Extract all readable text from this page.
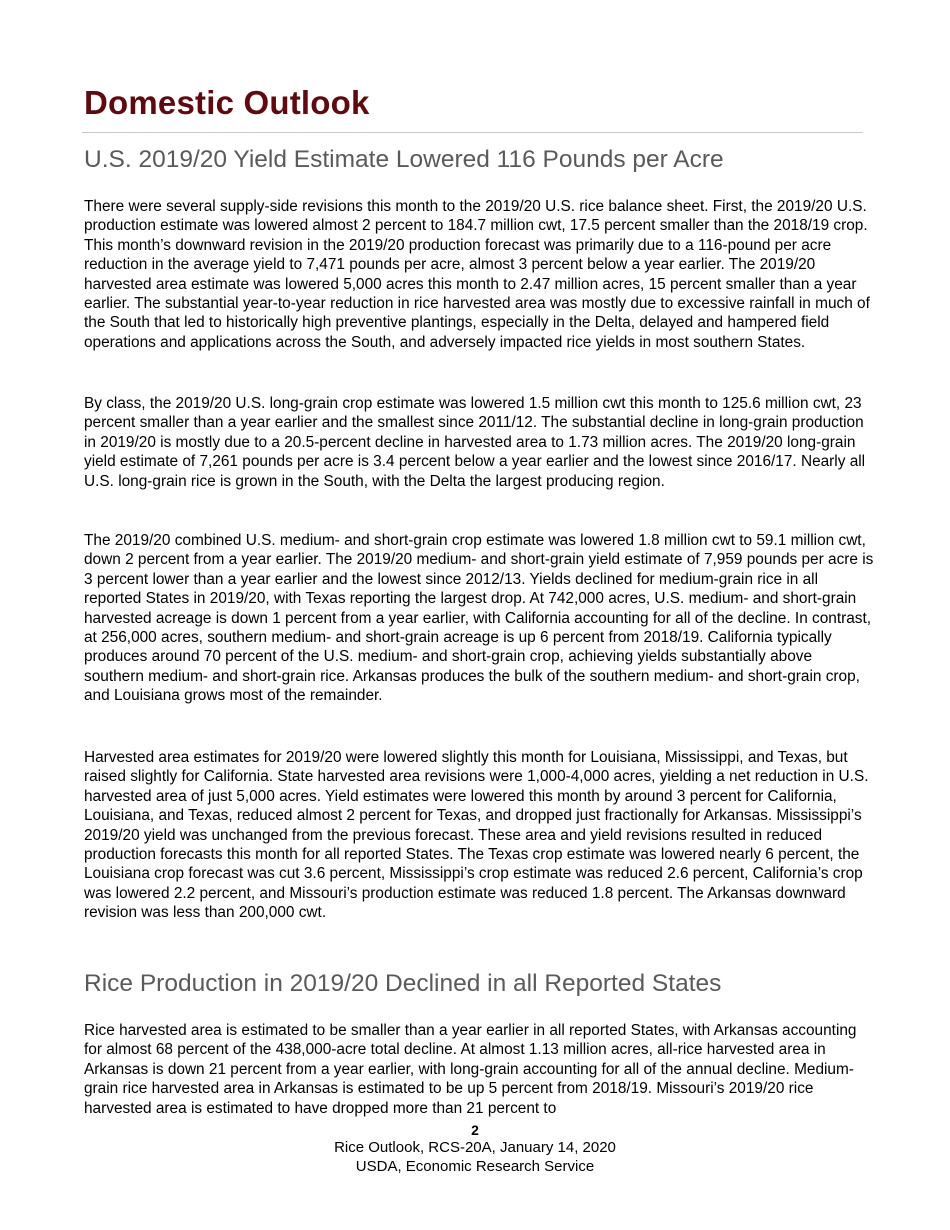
Domestic Outlook
U.S. 2019/20 Yield Estimate Lowered 116 Pounds per Acre

There were several supply-side revisions this month to the 2019/20 U.S. rice balance sheet. First, the 2019/20 U.S. production estimate was lowered almost 2 percent to 184.7 million cwt, 17.5 percent smaller than the 2018/19 crop. This month’s downward revision in the 2019/20 production forecast was primarily due to a 116-pound per acre reduction in the average yield to 7,471 pounds per acre, almost 3 percent below a year earlier. The 2019/20 harvested area estimate was lowered 5,000 acres this month to 2.47 million acres, 15 percent smaller than a year earlier. The substantial year-to-year reduction in rice harvested area was mostly due to excessive rainfall in much of the South that led to historically high preventive plantings, especially in the Delta, delayed and hampered field operations and applications across the South, and adversely impacted rice yields in most southern States.

By class, the 2019/20 U.S. long-grain crop estimate was lowered 1.5 million cwt this month to 125.6 million cwt, 23 percent smaller than a year earlier and the smallest since 2011/12. The substantial decline in long-grain production in 2019/20 is mostly due to a 20.5-percent decline in harvested area to 1.73 million acres. The 2019/20 long-grain yield estimate of 7,261 pounds per acre is 3.4 percent below a year earlier and the lowest since 2016/17. Nearly all U.S. long-grain rice is grown in the South, with the Delta the largest producing region.

The 2019/20 combined U.S. medium- and short-grain crop estimate was lowered 1.8 million cwt to 59.1 million cwt, down 2 percent from a year earlier. The 2019/20 medium- and short-grain yield estimate of 7,959 pounds per acre is 3 percent lower than a year earlier and the lowest since 2012/13. Yields declined for medium-grain rice in all reported States in 2019/20, with Texas reporting the largest drop. At 742,000 acres, U.S. medium- and short-grain harvested acreage is down 1 percent from a year earlier, with California accounting for all of the decline. In contrast, at 256,000 acres, southern medium- and short-grain acreage is up 6 percent from 2018/19. California typically produces around 70 percent of the U.S. medium- and short-grain crop, achieving yields substantially above southern medium- and short-grain rice. Arkansas produces the bulk of the southern medium- and short-grain crop, and Louisiana grows most of the remainder.

Harvested area estimates for 2019/20 were lowered slightly this month for Louisiana, Mississippi, and Texas, but raised slightly for California. State harvested area revisions were 1,000-4,000 acres, yielding a net reduction in U.S. harvested area of just 5,000 acres. Yield estimates were lowered this month by around 3 percent for California, Louisiana, and Texas, reduced almost 2 percent for Texas, and dropped just fractionally for Arkansas. Mississippi’s 2019/20 yield was unchanged from the previous forecast. These area and yield revisions resulted in reduced production forecasts this month for all reported States. The Texas crop estimate was lowered nearly 6 percent, the Louisiana crop forecast was cut 3.6 percent, Mississippi’s crop estimate was reduced 2.6 percent, California’s crop was lowered 2.2 percent, and Missouri’s production estimate was reduced 1.8 percent. The Arkansas downward revision was less than 200,000 cwt.

Rice Production in 2019/20 Declined in all Reported States

Rice harvested area is estimated to be smaller than a year earlier in all reported States, with Arkansas accounting for almost 68 percent of the 438,000-acre total decline. At almost 1.13 million acres, all-rice harvested area in Arkansas is down 21 percent from a year earlier, with long-grain accounting for all of the annual decline. Medium-grain rice harvested area in Arkansas is estimated to be up 5 percent from 2018/19. Missouri’s 2019/20 rice harvested area is estimated to have dropped more than 21 percent to

2
Rice Outlook, RCS-20A, January 14, 2020
USDA, Economic Research Service
